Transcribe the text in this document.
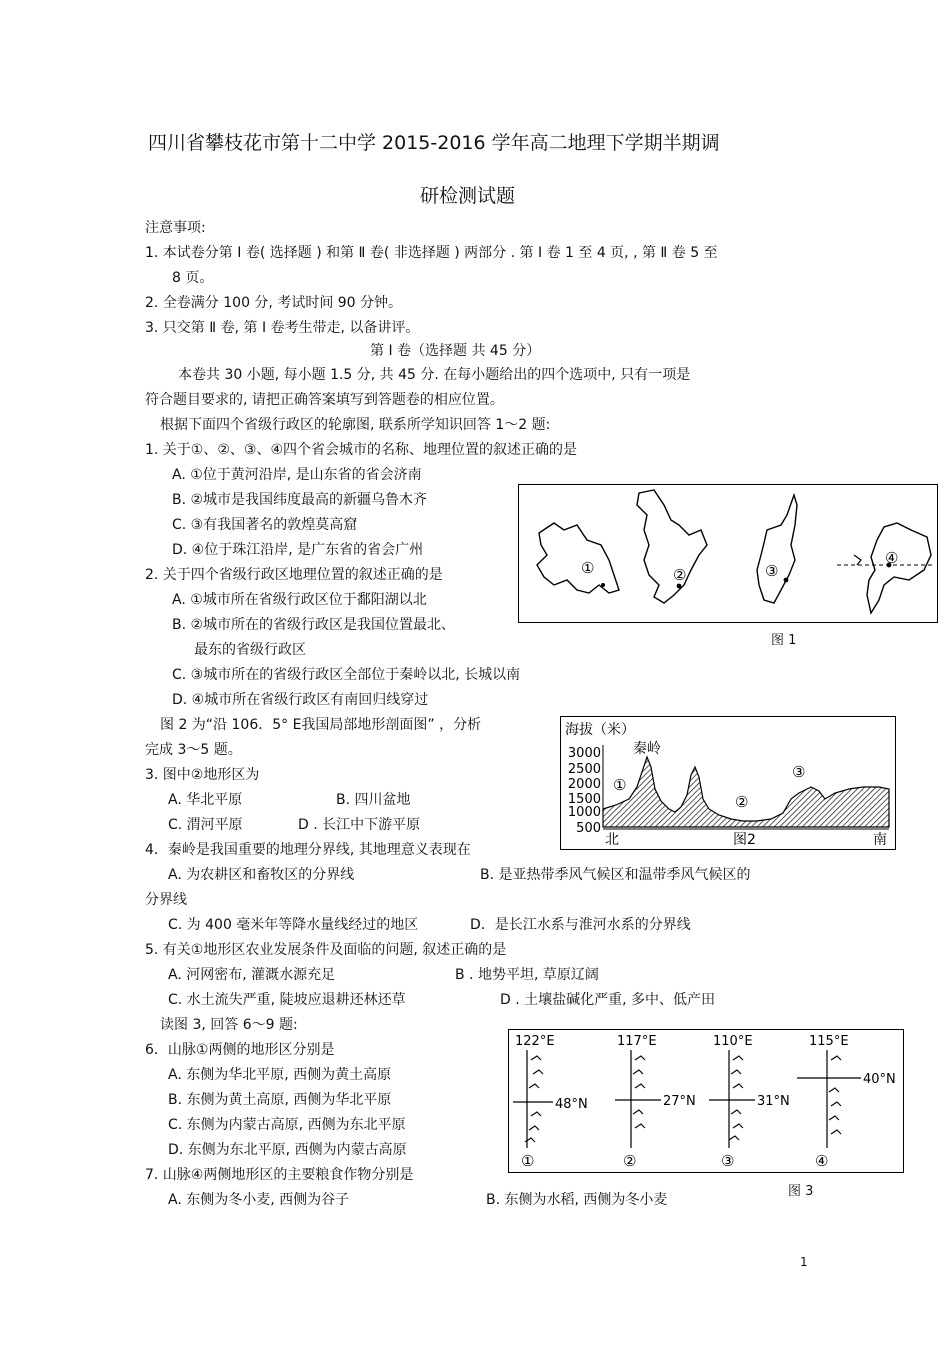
四川省攀枝花市第十二中学 2015-2016 学年高二地理下学期半期调
研检测试题
注意事项:
1. 本试卷分第 Ⅰ 卷( 选择题 ) 和第 Ⅱ 卷( 非选择题 ) 两部分 . 第 Ⅰ 卷 1 至 4 页, , 第 Ⅱ 卷 5 至
8 页。
2. 全卷满分 100 分, 考试时间 90 分钟。
3. 只交第 Ⅱ 卷, 第 Ⅰ 卷考生带走, 以备讲评。
第 Ⅰ 卷（选择题 共 45 分）
本卷共 30 小题, 每小题 1.5 分, 共 45 分. 在每小题给出的四个选项中, 只有一项是
符合题目要求的, 请把正确答案填写到答题卷的相应位置。
根据下面四个省级行政区的轮廓图, 联系所学知识回答 1～2 题:
1. 关于①、②、③、④四个省会城市的名称、地理位置的叙述正确的是
A. ①位于黄河沿岸, 是山东省的省会济南
B. ②城市是我国纬度最高的新疆乌鲁木齐
C. ③有我国著名的敦煌莫高窟
D. ④位于珠江沿岸, 是广东省的省会广州
2. 关于四个省级行政区地理位置的叙述正确的是
A. ①城市所在省级行政区位于鄱阳湖以北
B. ②城市所在的省级行政区是我国位置最北、
最东的省级行政区
C. ③城市所在的省级行政区全部位于秦岭以北, 长城以南
D. ④城市所在省级行政区有南回归线穿过
图 2 为“沿 106．5° E我国局部地形剖面图” ，分析
完成 3～5 题。
3. 图中②地形区为
A. 华北平原	B. 四川盆地
C. 渭河平原	D . 长江中下游平原
4．秦岭是我国重要的地理分界线, 其地理意义表现在
A. 为农耕区和畜牧区的分界线	B. 是亚热带季风气候区和温带季风气候区的
分界线
C. 为 400 毫米年等降水量线经过的地区	D．是长江水系与淮河水系的分界线
5. 有关①地形区农业发展条件及面临的问题, 叙述正确的是
A. 河网密布, 灌溉水源充足	B . 地势平坦, 草原辽阔
C. 水土流失严重, 陡坡应退耕还林还草	D . 土壤盐碱化严重, 多中、低产田
读图 3, 回答 6～9 题:
6．山脉①两侧的地形区分别是
A. 东侧为华北平原, 西侧为黄土高原
B. 东侧为黄土高原, 西侧为华北平原
C. 东侧为内蒙古高原, 西侧为东北平原
D. 东侧为东北平原, 西侧为内蒙古高原
7. 山脉④两侧地形区的主要粮食作物分别是
A. 东侧为冬小麦, 西侧为谷子	B. 东侧为水稻, 西侧为冬小麦
①	②	③
④
图 1
海拔（米）
3000
2500
2000
1500
1000
500
秦岭
①
②
③
北	图2	南
122°E	117°E	110°E	115°E
48°N	27°N	31°N
40°N
①	②	③	④
图 3
1
